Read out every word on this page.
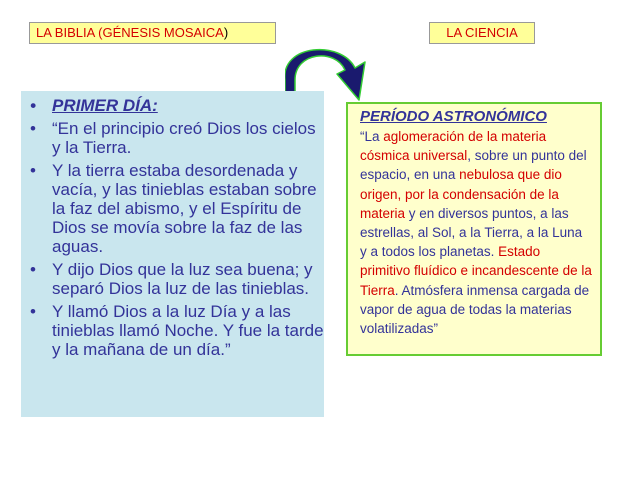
LA BIBLIA (GÉNESIS MOSAICA)	LA CIENCIA
• PRIMER DÍA:
• “En el principio creó Dios los cielos y la Tierra.
• Y la tierra estaba desordenada y vacía, y las tinieblas estaban sobre la faz del abismo, y el Espíritu de Dios se movía sobre la faz de las aguas.
• Y dijo Dios que la luz sea buena; y separó Dios la luz de las tinieblas.
• Y llamó Dios a la luz Día y a las tinieblas llamó Noche. Y fue la tarde y la mañana de un día.”
PERÍODO ASTRONÓMICO
“La aglomeración de la materia cósmica universal, sobre un punto del espacio, en una nebulosa que dio origen, por la condensación de la materia y en diversos puntos, a las estrellas, al Sol, a la Tierra, a la Luna y a todos los planetas. Estado primitivo fluídico e incandescente de la Tierra. Atmósfera inmensa cargada de vapor de agua de todas la materias volatilizadas”
